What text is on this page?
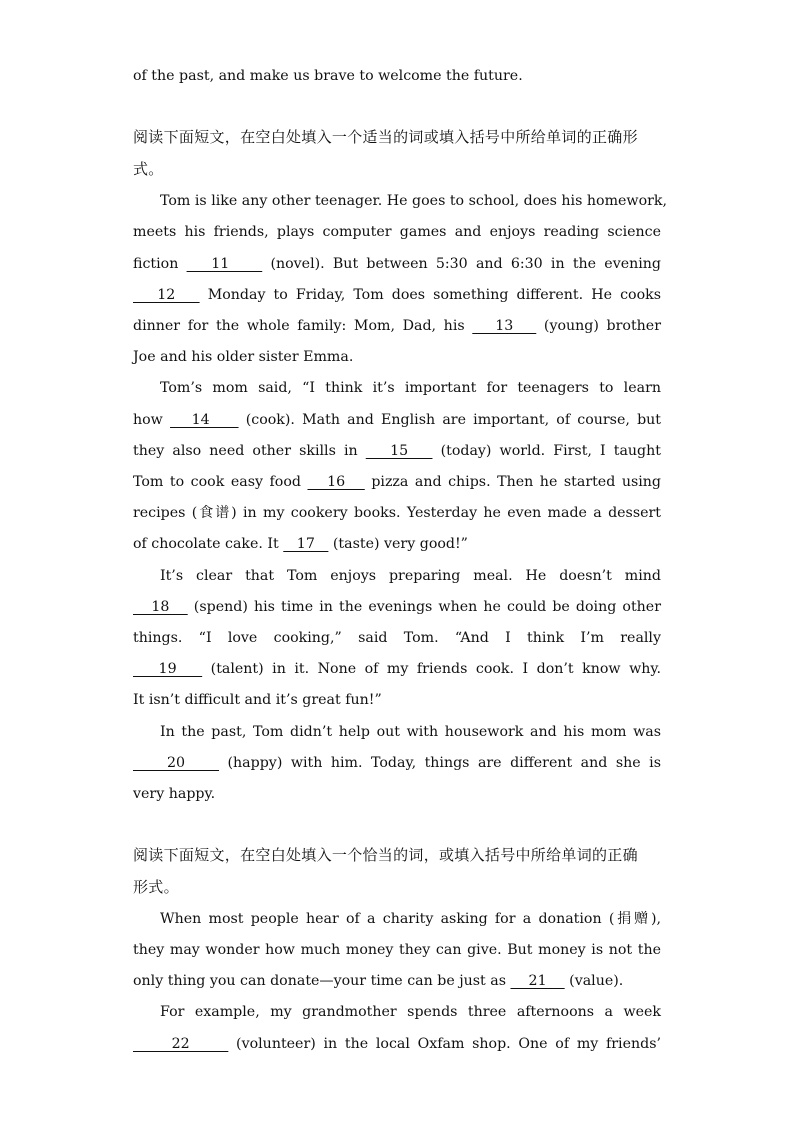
of the past, and make us brave to welcome the future.
阅读下面短文，在空白处填入一个适当的词或填入括号中所给单词的正确形
式。
Tom is like any other teenager. He goes to school, does his homework,
meets his friends, plays computer games and enjoys reading science
fiction    11     (novel). But between 5:30 and 6:30 in the evening
12    Monday to Friday, Tom does something different. He cooks
dinner for the whole family: Mom, Dad, his    13    (young) brother
Joe and his older sister Emma.
Tom’s mom said, “I think it’s important for teenagers to learn
how    14     (cook). Math and English are important, of course, but
they also need other skills in    15    (today) world. First, I taught
Tom to cook easy food    16    pizza and chips. Then he started using
recipes (食谱) in my cookery books. Yesterday he even made a dessert
of chocolate cake. It    17    (taste) very good!”
It’s clear that Tom enjoys preparing meal. He doesn’t mind
18    (spend) his time in the evenings when he could be doing other
things. “I love cooking,” said Tom. “And I think I’m really
19    (talent) in it. None of my friends cook. I don’t know why.
It isn’t difficult and it’s great fun!”
In the past, Tom didn’t help out with housework and his mom was
20     (happy) with him. Today, things are different and she is
very happy.
阅读下面短文，在空白处填入一个恰当的词，或填入括号中所给单词的正确
形式。
When most people hear of a charity asking for a donation (捐赠),
they may wonder how much money they can give. But money is not the
only thing you can donate—your time can be just as     21     (value).
For example, my grandmother spends three afternoons a week
22      (volunteer) in the local Oxfam shop. One of my friends’
